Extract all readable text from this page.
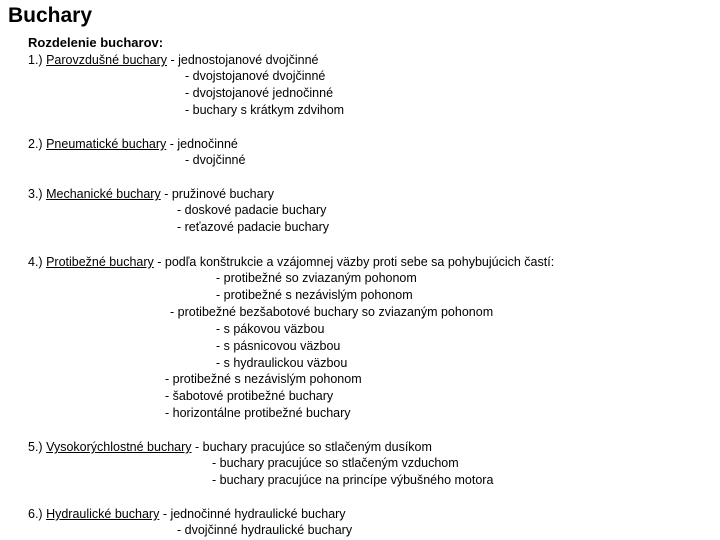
Buchary
Rozdelenie bucharov:
1.) Parovzdušné buchary - jednostojanové dvojčinné
- dvojstojanové dvojčinné
- dvojstojanové jednočinné
- buchary s krátkym zdvihom
2.) Pneumatické buchary - jednočinné
- dvojčinné
3.) Mechanické buchary - pružinové buchary
- doskové padacie buchary
- reťazové padacie buchary
4.) Protibežné buchary - podľa konštrukcie a vzájomnej väzby proti sebe sa pohybujúcich častí:
- protibežné so zviazaným pohonom
- protibežné s nezávislým pohonom
- protibežné bezšabotové buchary so zviazaným pohonom
- s pákovou väzbou
- s pásnicovou väzbou
- s hydraulickou väzbou
- protibežné s nezávislým pohonom
- šabotové protibežné buchary
- horizontálne protibežné buchary
5.) Vysokorýchlostné buchary - buchary pracujúce so stlačeným dusíkom
- buchary pracujúce so stlačeným vzduchom
- buchary pracujúce na princípe výbušného motora
6.) Hydraulické buchary - jednočinné hydraulické buchary
- dvojčinné hydraulické buchary
